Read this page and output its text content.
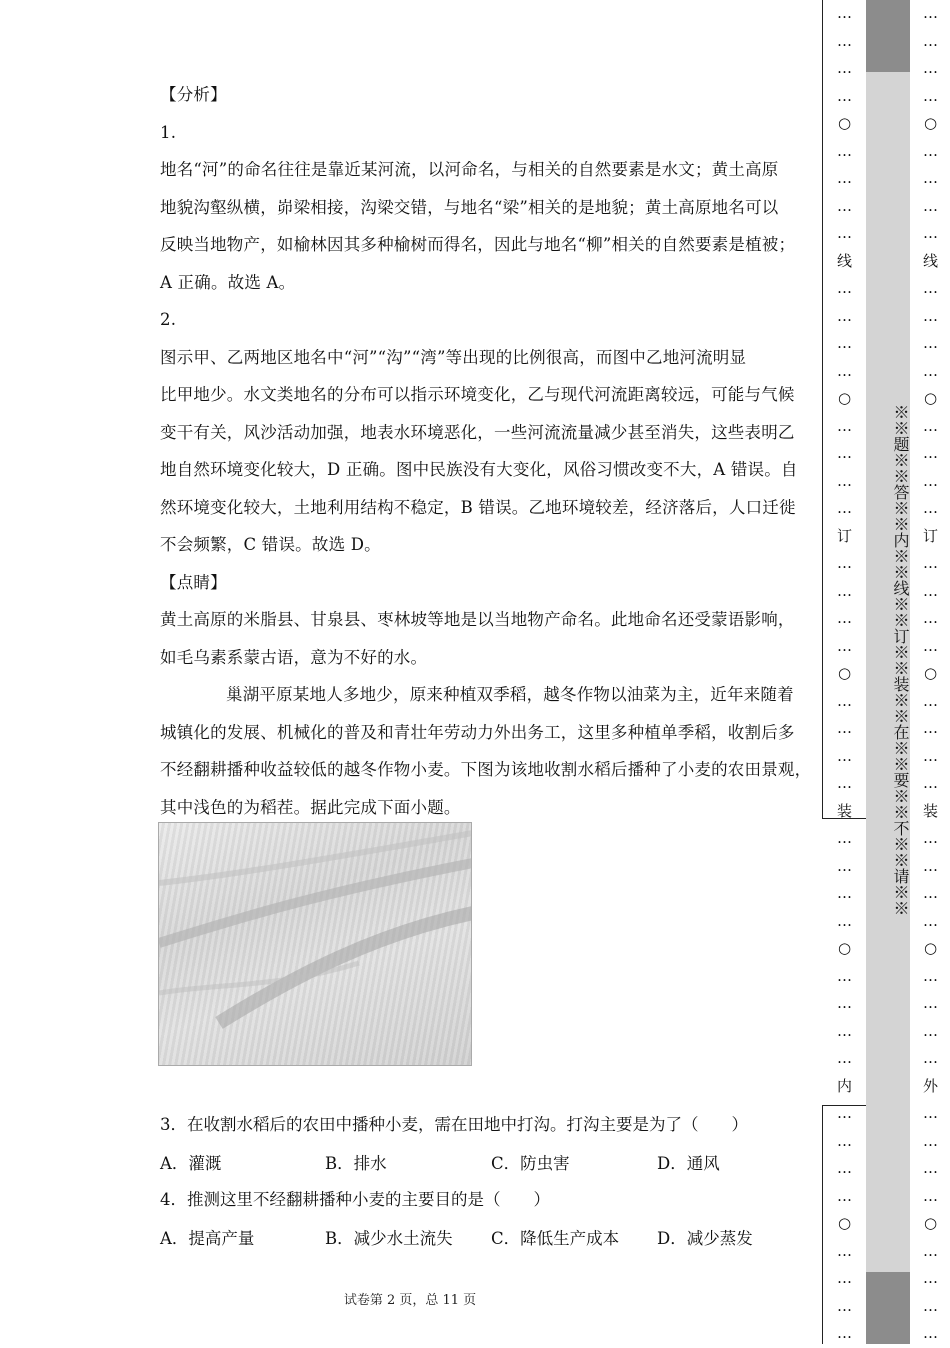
【分析】
1.
地名“河”的命名往往是靠近某河流，以河命名，与相关的自然要素是水文；黄土高原
地貌沟壑纵横，峁梁相接，沟梁交错，与地名“梁”相关的是地貌；黄土高原地名可以
反映当地物产，如榆林因其多种榆树而得名，因此与地名“柳”相关的自然要素是植被；
A 正确。故选 A。
2.
图示甲、乙两地区地名中“河”“沟”“湾”等出现的比例很高，而图中乙地河流明显
比甲地少。水文类地名的分布可以指示环境变化，乙与现代河流距离较远，可能与气候
变干有关，风沙活动加强，地表水环境恶化，一些河流流量减少甚至消失，这些表明乙
地自然环境变化较大，D 正确。图中民族没有大变化，风俗习惯改变不大，A 错误。自
然环境变化较大，土地利用结构不稳定，B 错误。乙地环境较差，经济落后，人口迁徙
不会频繁，C 错误。故选 D。
【点睛】
黄土高原的米脂县、甘泉县、枣林坡等地是以当地物产命名。此地命名还受蒙语影响，
如毛乌素系蒙古语，意为不好的水。
巢湖平原某地人多地少，原来种植双季稻，越冬作物以油菜为主，近年来随着
城镇化的发展、机械化的普及和青壮年劳动力外出务工，这里多种植单季稻，收割后多
不经翻耕播种收益较低的越冬作物小麦。下图为该地收割水稻后播种了小麦的农田景观，
其中浅色的为稻茬。据此完成下面小题。
3．在收割水稻后的农田中播种小麦，需在田地中打沟。打沟主要是为了（　　）
A．灌溉	B．排水	C．防虫害	D．通风
4．推测这里不经翻耕播种小麦的主要目的是（　　）
A．提高产量	B．减少水土流失 C．降低生产成本 D．减少蒸发
试卷第 2 页，总 11 页
…
…
…
…
○
…
…
…
…
线
…
…
…
…
○
…
…
…
…
订
…
…
…
…
○
…
…
…
…
装
…
…
…
…
○
…
…
…
…
内
…
…
…
…
○
…
…
…
…
…
…
…
…
○
…
…
…
…
线
…
…
…
…
○
…
…
…
…
订
…
…
…
…
○
…
…
…
…
装
…
…
…
…
○
…
…
…
…
外
…
…
…
…
○
…
…
…
…
※※题※※答※※内※※线※※订※※装※※在※※要※※不※※请※※
